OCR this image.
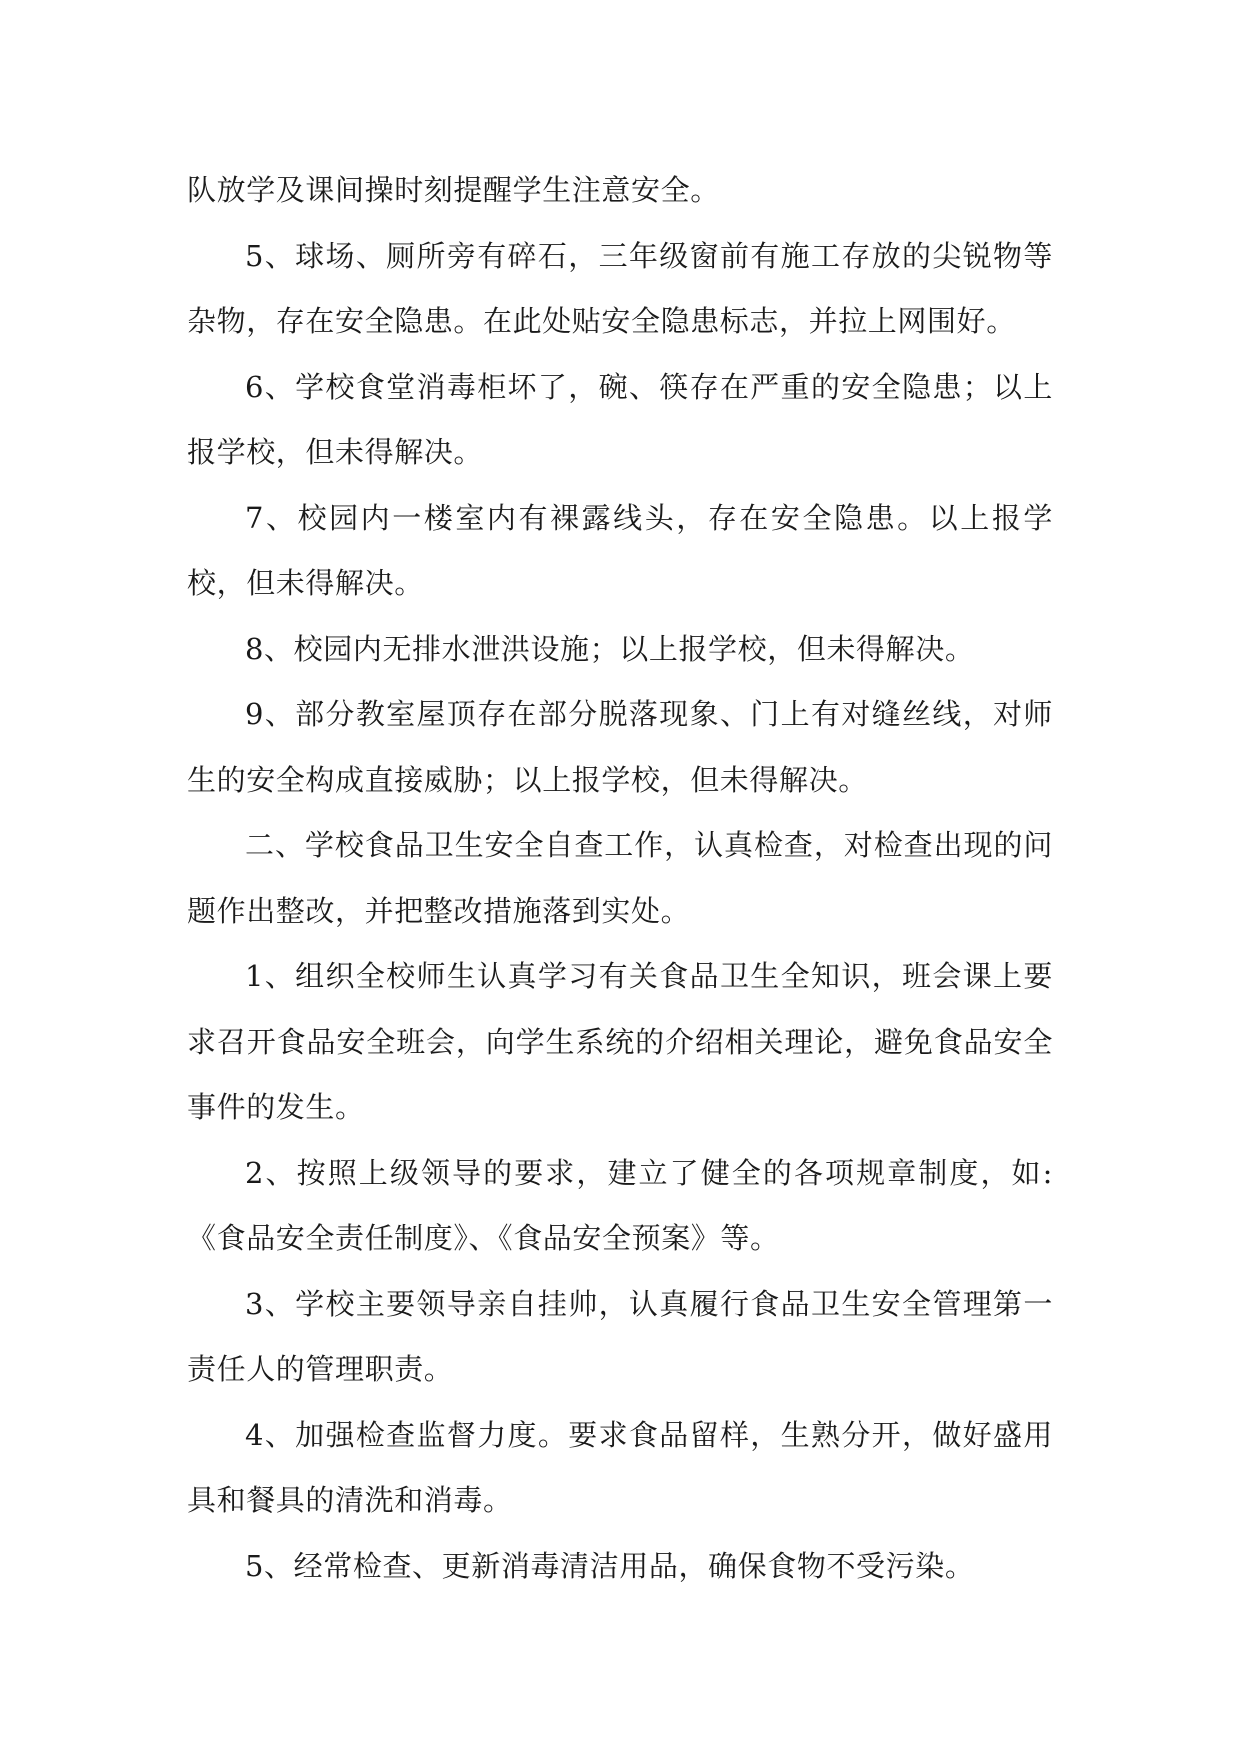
队放学及课间操时刻提醒学生注意安全。

5、球场、厕所旁有碎石，三年级窗前有施工存放的尖锐物等杂物，存在安全隐患。在此处贴安全隐患标志，并拉上网围好。

6、学校食堂消毒柜坏了，碗、筷存在严重的安全隐患；以上报学校，但未得解决。

7、校园内一楼室内有裸露线头，存在安全隐患。以上报学校，但未得解决。

8、校园内无排水泄洪设施；以上报学校，但未得解决。

9、部分教室屋顶存在部分脱落现象、门上有对缝丝线，对师生的安全构成直接威胁；以上报学校，但未得解决。

二、学校食品卫生安全自查工作，认真检查，对检查出现的问题作出整改，并把整改措施落到实处。

1、组织全校师生认真学习有关食品卫生全知识，班会课上要求召开食品安全班会，向学生系统的介绍相关理论，避免食品安全事件的发生。

2、按照上级领导的要求，建立了健全的各项规章制度，如:《食品安全责任制度》、《食品安全预案》等。

3、学校主要领导亲自挂帅，认真履行食品卫生安全管理第一责任人的管理职责。

4、加强检查监督力度。要求食品留样，生熟分开，做好盛用具和餐具的清洗和消毒。

5、经常检查、更新消毒清洁用品，确保食物不受污染。
